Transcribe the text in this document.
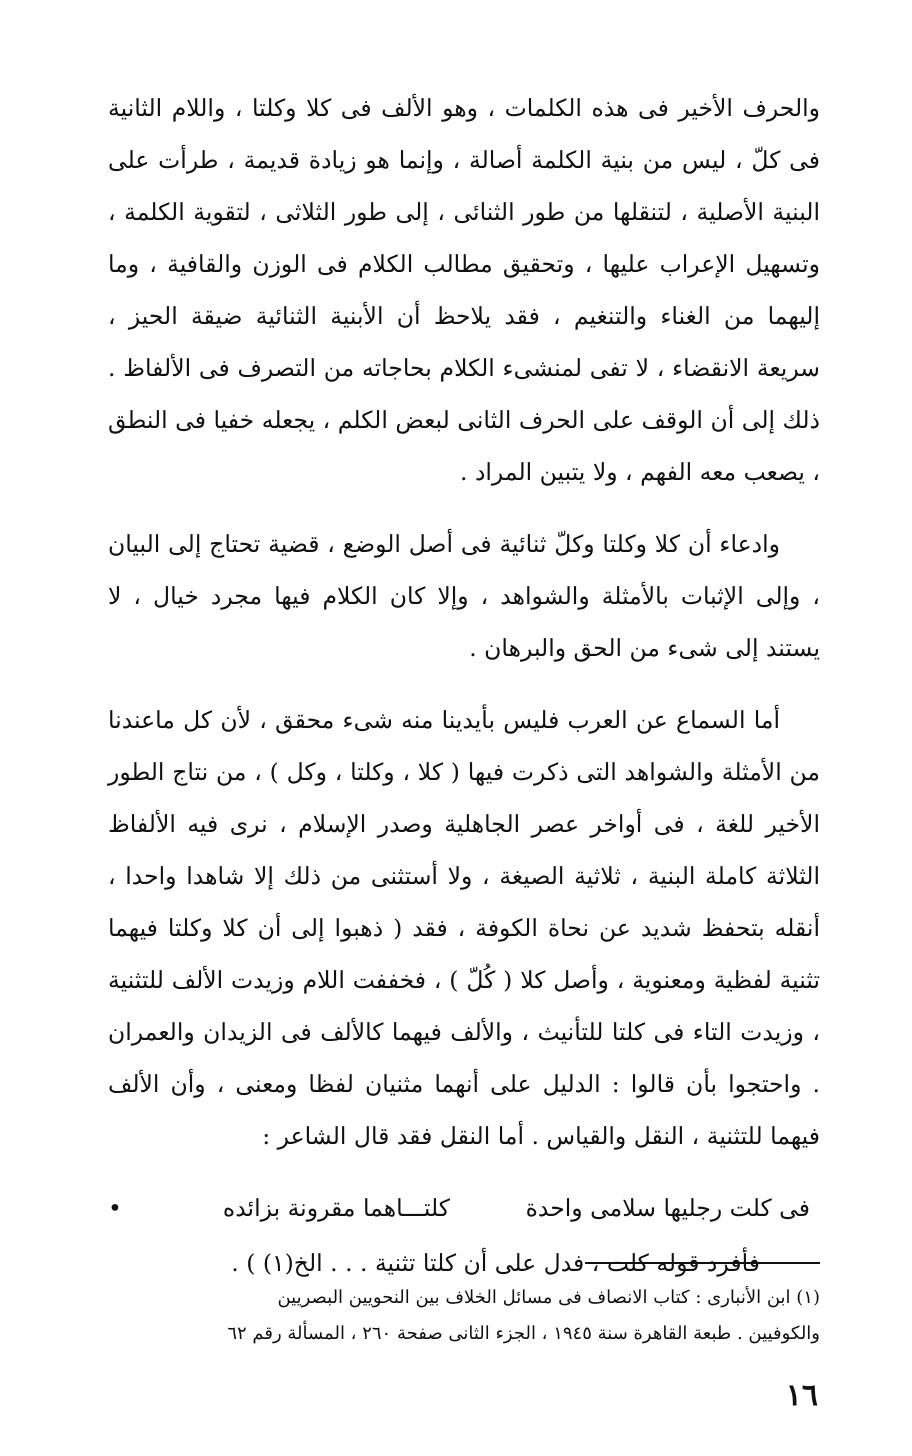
والحرف الأخير فى هذه الكلمات ، وهو الألف فى كلا وكلتا ، واللام الثانية فى كلّ ، ليس من بنية الكلمة أصالة ، وإنما هو زيادة قديمة ، طرأت على البنية الأصلية ، لتنقلها من طور الثنائى ، إلى طور الثلاثى ، لتقوية الكلمة ، وتسهيل الإعراب عليها ، وتحقيق مطالب الكلام فى الوزن والقافية ، وما إليهما من الغناء والتنغيم ، فقد يلاحظ أن الأبنية الثنائية ضيقة الحيز ، سريعة الانقضاء ، لا تفى لمنشىء الكلام بحاجاته من التصرف فى الألفاظ . ذلك إلى أن الوقف على الحرف الثانى لبعض الكلم ، يجعله خفيا فى النطق ، يصعب معه الفهم ، ولا يتبين المراد .

وادعاء أن كلا وكلتا وكلّ ثنائية فى أصل الوضع ، قضية تحتاج إلى البيان ، وإلى الإثبات بالأمثلة والشواهد ، وإلا كان الكلام فيها مجرد خيال ، لا يستند إلى شىء من الحق والبرهان .

أما السماع عن العرب فليس بأيدينا منه شىء محقق ، لأن كل ماعندنا من الأمثلة والشواهد التى ذكرت فيها ( كلا ، وكلتا ، وكل ) ، من نتاج الطور الأخير للغة ، فى أواخر عصر الجاهلية وصدر الإسلام ، نرى فيه الألفاظ الثلاثة كاملة البنية ، ثلاثية الصيغة ، ولا أستثنى من ذلك إلا شاهدا واحدا ، أنقله بتحفظ شديد عن نحاة الكوفة ، فقد ( ذهبوا إلى أن كلا وكلتا فيهما تثنية لفظية ومعنوية ، وأصل كلا ( كُلّ ) ، فخففت اللام وزيدت الألف للتثنية ، وزيدت التاء فى كلتا للتأنيث ، والألف فيهما كالألف فى الزيدان والعمران . واحتجوا بأن قالوا : الدليل على أنهما مثنيان لفظا ومعنى ، وأن الألف فيهما للتثنية ، النقل والقياس . أما النقل فقد قال الشاعر :

فى كلت رجليها سلامى واحدة
كلتـــاهما مقرونة بزائده
•

فأفرد قوله كلت ، فدل على أن كلتا تثنية . . . الخ(١) ) .

(١) ابن الأنبارى : كتاب الانصاف فى مسائل الخلاف بين النحويين البصريين

والكوفيين . طبعة القاهرة سنة ١٩٤٥ ، الجزء الثانى صفحة ٢٦٠ ، المسألة رقم ٦٢

١٦
